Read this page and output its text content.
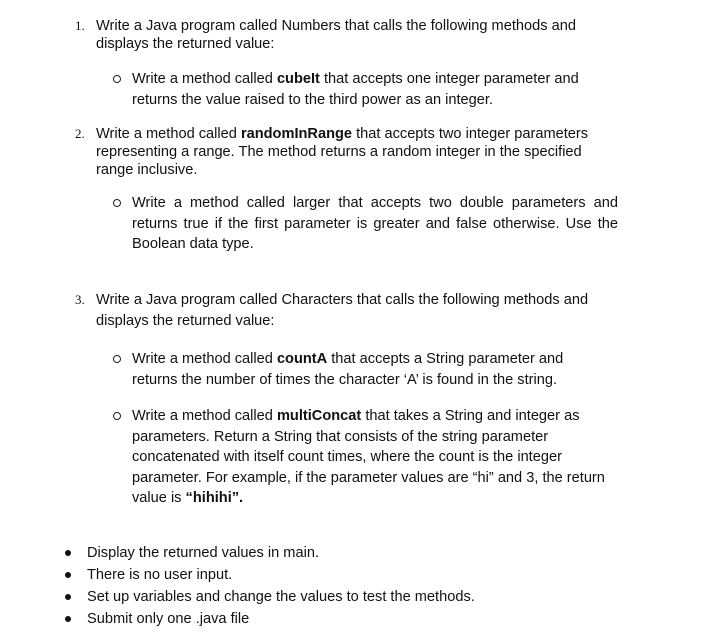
1. Write a Java program called Numbers that calls the following methods and
displays the returned value:
Write a method called cubeIt that accepts one integer parameter and
returns the value raised to the third power as an integer.
2. Write a method called randomInRange that accepts two integer parameters
representing a range. The method returns a random integer in the specified
range inclusive.
Write a method called larger that accepts two double parameters and returns true if the first parameter is greater and false otherwise. Use the Boolean data type.
3. Write a Java program called Characters that calls the following methods and
displays the returned value:
Write a method called countA that accepts a String parameter and
returns the number of times the character ‘A’ is found in the string.
Write a method called multiConcat that takes a String and integer as
parameters. Return a String that consists of the string parameter
concatenated with itself count times, where the count is the integer
parameter. For example, if the parameter values are “hi” and 3, the return
value is “hihihi”.
Display the returned values in main.
There is no user input.
Set up variables and change the values to test the methods.
Submit only one .java file
